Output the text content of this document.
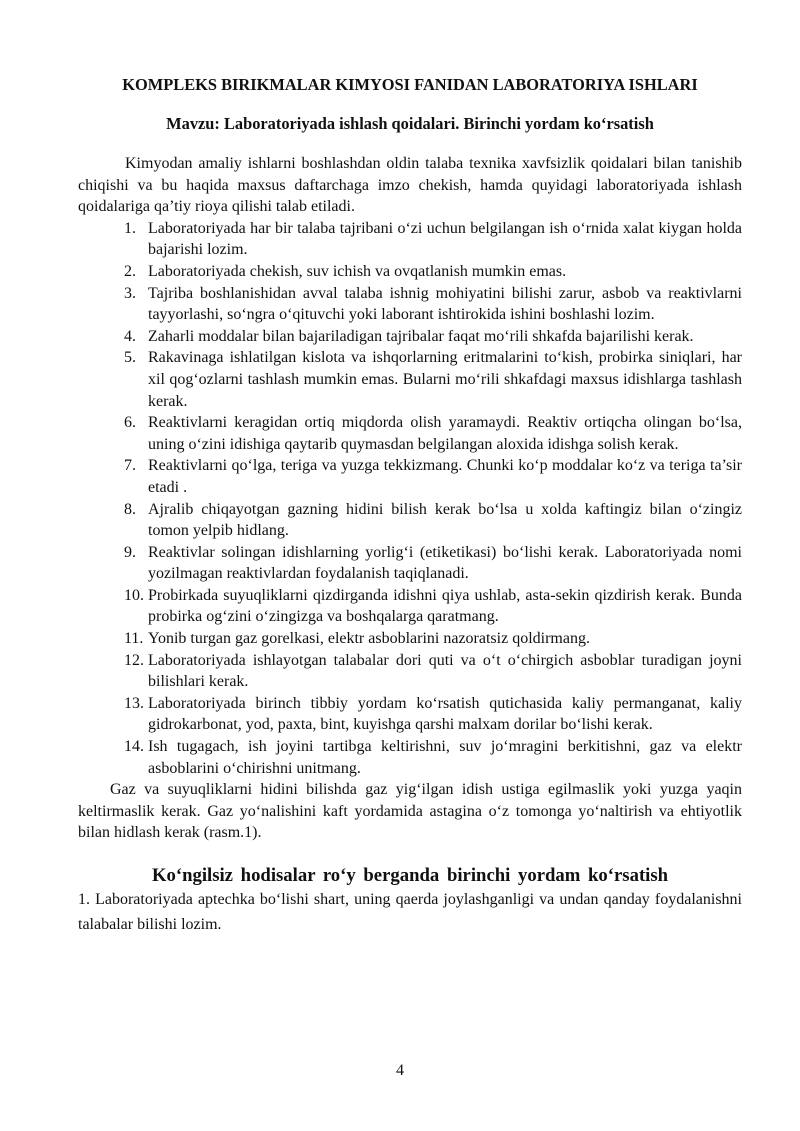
KOMPLEKS BIRIKMALAR KIMYOSI FANIDAN LABORATORIYA ISHLARI
Mavzu: Laboratoriyada ishlash qoidalari. Birinchi yordam koʻrsatish

Kimyodan amaliy ishlarni boshlashdan oldin talaba texnika xavfsizlik qoidalari bilan tanishib chiqishi va bu haqida maxsus daftarchaga imzo chekish, hamda quyidagi laboratoriyada ishlash qoidalariga qa’tiy rioya qilishi talab etiladi.

1. Laboratoriyada har bir talaba tajribani oʻzi uchun belgilangan ish oʻrnida xalat kiygan holda bajarishi lozim.
2. Laboratoriyada chekish, suv ichish va ovqatlanish mumkin emas.
3. Tajriba boshlanishidan avval talaba ishnig mohiyatini bilishi zarur, asbob va reaktivlarni tayyorlashi, soʻngra oʻqituvchi yoki laborant ishtirokida ishini boshlashi lozim.
4. Zaharli moddalar bilan bajariladigan tajribalar faqat moʻrili shkafda bajarilishi kerak.
5. Rakavinaga ishlatilgan kislota va ishqorlarning eritmalarini toʻkish, probirka siniqlari, har xil qogʻozlarni tashlash mumkin emas. Bularni moʻrili shkafdagi maxsus idishlarga tashlash kerak.
6. Reaktivlarni keragidan ortiq miqdorda olish yaramaydi. Reaktiv ortiqcha olingan boʻlsa, uning oʻzini idishiga qaytarib quymasdan belgilangan aloxida idishga solish kerak.
7. Reaktivlarni qoʻlga, teriga va yuzga tekkizmang. Chunki koʻp moddalar koʻz va teriga ta’sir etadi .
8. Ajralib chiqayotgan gazning hidini bilish kerak boʻlsa u xolda kaftingiz bilan oʻzingiz tomon yelpib hidlang.
9. Reaktivlar solingan idishlarning yorligʻi (etiketikasi) boʻlishi kerak. Laboratoriyada nomi yozilmagan reaktivlardan foydalanish taqiqlanadi.
10. Probirkada suyuqliklarni qizdirganda idishni qiya ushlab, asta-sekin qizdirish kerak. Bunda probirka ogʻzini oʻzingizga va boshqalarga qaratmang.
11. Yonib turgan gaz gorelkasi, elektr asboblarini nazoratsiz qoldirmang.
12. Laboratoriyada ishlayotgan talabalar dori quti va oʻt oʻchirgich asboblar turadigan joyni bilishlari kerak.
13. Laboratoriyada birinch tibbiy yordam koʻrsatish qutichasida kaliy permanganat, kaliy gidrokarbonat, yod, paxta, bint, kuyishga qarshi malxam dorilar boʻlishi kerak.
14. Ish tugagach, ish joyini tartibga keltirishni, suv joʻmragini berkitishni, gaz va elektr asboblarini oʻchirishni unitmang.

Gaz va suyuqliklarni hidini bilishda gaz yigʻilgan idish ustiga egilmaslik yoki yuzga yaqin keltirmaslik kerak. Gaz yoʻnalishini kaft yordamida astagina oʻz tomonga yoʻnaltirish va ehtiyotlik bilan hidlash kerak (rasm.1).

Koʻngilsiz hodisalar roʻy berganda birinchi yordam koʻrsatish

1. Laboratoriyada aptechka boʻlishi shart, uning qaerda joylashganligi va undan qanday foydalanishni talabalar bilishi lozim.

4
